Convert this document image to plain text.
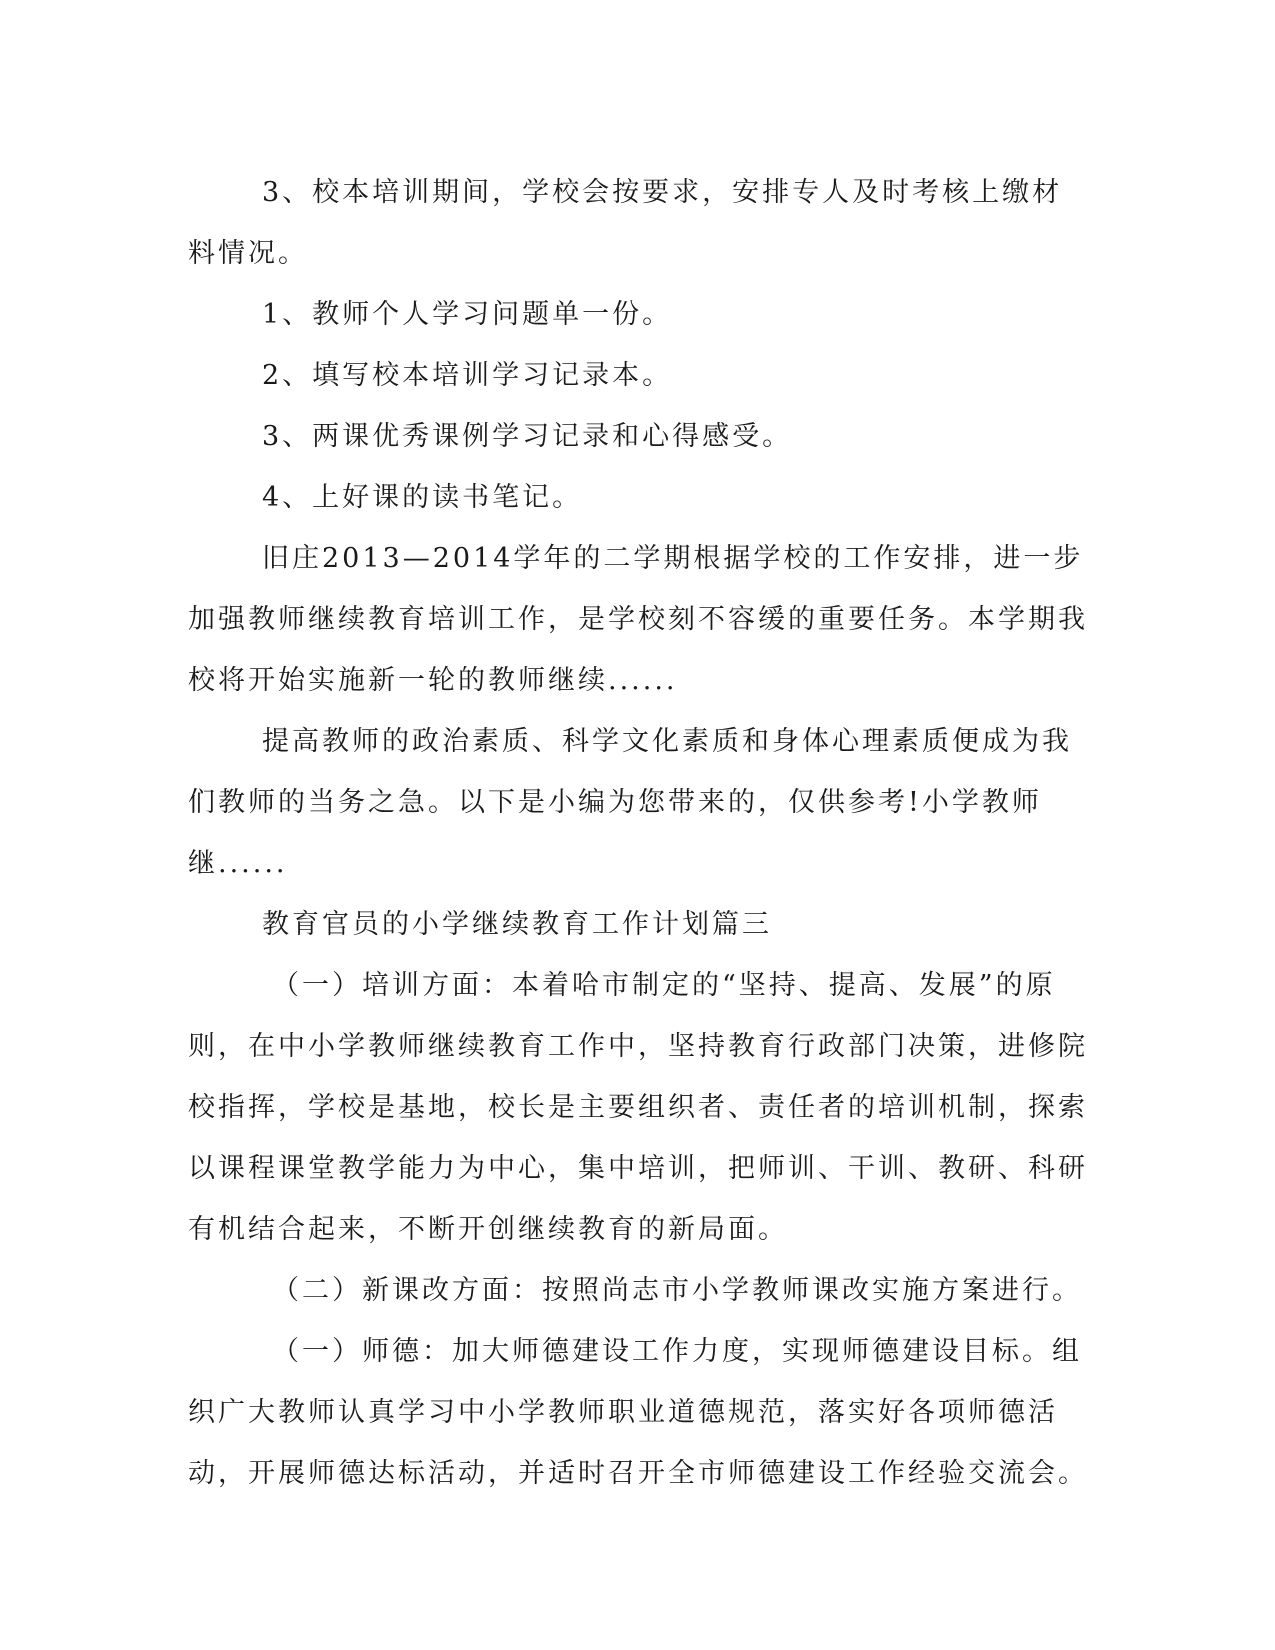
3、校本培训期间，学校会按要求，安排专人及时考核上缴材料情况。

1、教师个人学习问题单一份。

2、填写校本培训学习记录本。

3、两课优秀课例学习记录和心得感受。

4、上好课的读书笔记。

旧庄2013—2014学年的二学期根据学校的工作安排，进一步加强教师继续教育培训工作，是学校刻不容缓的重要任务。本学期我校将开始实施新一轮的教师继续......

提高教师的政治素质、科学文化素质和身体心理素质便成为我们教师的当务之急。以下是小编为您带来的，仅供参考!小学教师继......

教育官员的小学继续教育工作计划篇三

（一）培训方面：本着哈市制定的“坚持、提高、发展”的原则，在中小学教师继续教育工作中，坚持教育行政部门决策，进修院校指挥，学校是基地，校长是主要组织者、责任者的培训机制，探索以课程课堂教学能力为中心，集中培训，把师训、干训、教研、科研有机结合起来，不断开创继续教育的新局面。

（二）新课改方面：按照尚志市小学教师课改实施方案进行。

（一）师德：加大师德建设工作力度，实现师德建设目标。组织广大教师认真学习中小学教师职业道德规范，落实好各项师德活动，开展师德达标活动，并适时召开全市师德建设工作经验交流会。
